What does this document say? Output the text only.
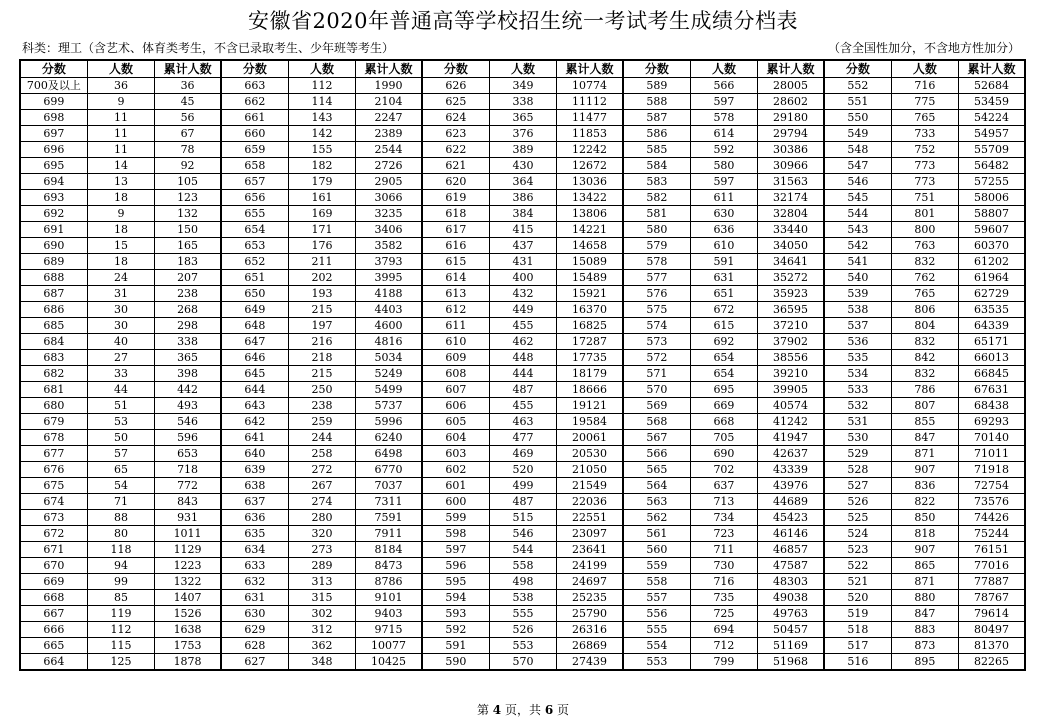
安徽省2020年普通高等学校招生统一考试考生成绩分档表
科类：理工（含艺术、体育类考生，不含已录取考生、少年班等考生）	（含全国性加分，不含地方性加分）
分数	人数	累计人数	分数	人数	累计人数	分数	人数	累计人数	分数	人数	累计人数	分数	人数	累计人数
700及以上	36	36	663	112	1990	626	349	10774	589	566	28005	552	716	52684
699	9	45	662	114	2104	625	338	11112	588	597	28602	551	775	53459
698	11	56	661	143	2247	624	365	11477	587	578	29180	550	765	54224
697	11	67	660	142	2389	623	376	11853	586	614	29794	549	733	54957
696	11	78	659	155	2544	622	389	12242	585	592	30386	548	752	55709
695	14	92	658	182	2726	621	430	12672	584	580	30966	547	773	56482
694	13	105	657	179	2905	620	364	13036	583	597	31563	546	773	57255
693	18	123	656	161	3066	619	386	13422	582	611	32174	545	751	58006
692	9	132	655	169	3235	618	384	13806	581	630	32804	544	801	58807
691	18	150	654	171	3406	617	415	14221	580	636	33440	543	800	59607
690	15	165	653	176	3582	616	437	14658	579	610	34050	542	763	60370
689	18	183	652	211	3793	615	431	15089	578	591	34641	541	832	61202
688	24	207	651	202	3995	614	400	15489	577	631	35272	540	762	61964
687	31	238	650	193	4188	613	432	15921	576	651	35923	539	765	62729
686	30	268	649	215	4403	612	449	16370	575	672	36595	538	806	63535
685	30	298	648	197	4600	611	455	16825	574	615	37210	537	804	64339
684	40	338	647	216	4816	610	462	17287	573	692	37902	536	832	65171
683	27	365	646	218	5034	609	448	17735	572	654	38556	535	842	66013
682	33	398	645	215	5249	608	444	18179	571	654	39210	534	832	66845
681	44	442	644	250	5499	607	487	18666	570	695	39905	533	786	67631
680	51	493	643	238	5737	606	455	19121	569	669	40574	532	807	68438
679	53	546	642	259	5996	605	463	19584	568	668	41242	531	855	69293
678	50	596	641	244	6240	604	477	20061	567	705	41947	530	847	70140
677	57	653	640	258	6498	603	469	20530	566	690	42637	529	871	71011
676	65	718	639	272	6770	602	520	21050	565	702	43339	528	907	71918
675	54	772	638	267	7037	601	499	21549	564	637	43976	527	836	72754
674	71	843	637	274	7311	600	487	22036	563	713	44689	526	822	73576
673	88	931	636	280	7591	599	515	22551	562	734	45423	525	850	74426
672	80	1011	635	320	7911	598	546	23097	561	723	46146	524	818	75244
671	118	1129	634	273	8184	597	544	23641	560	711	46857	523	907	76151
670	94	1223	633	289	8473	596	558	24199	559	730	47587	522	865	77016
669	99	1322	632	313	8786	595	498	24697	558	716	48303	521	871	77887
668	85	1407	631	315	9101	594	538	25235	557	735	49038	520	880	78767
667	119	1526	630	302	9403	593	555	25790	556	725	49763	519	847	79614
666	112	1638	629	312	9715	592	526	26316	555	694	50457	518	883	80497
665	115	1753	628	362	10077	591	553	26869	554	712	51169	517	873	81370
664	125	1878	627	348	10425	590	570	27439	553	799	51968	516	895	82265
第 4 页，共 6 页
